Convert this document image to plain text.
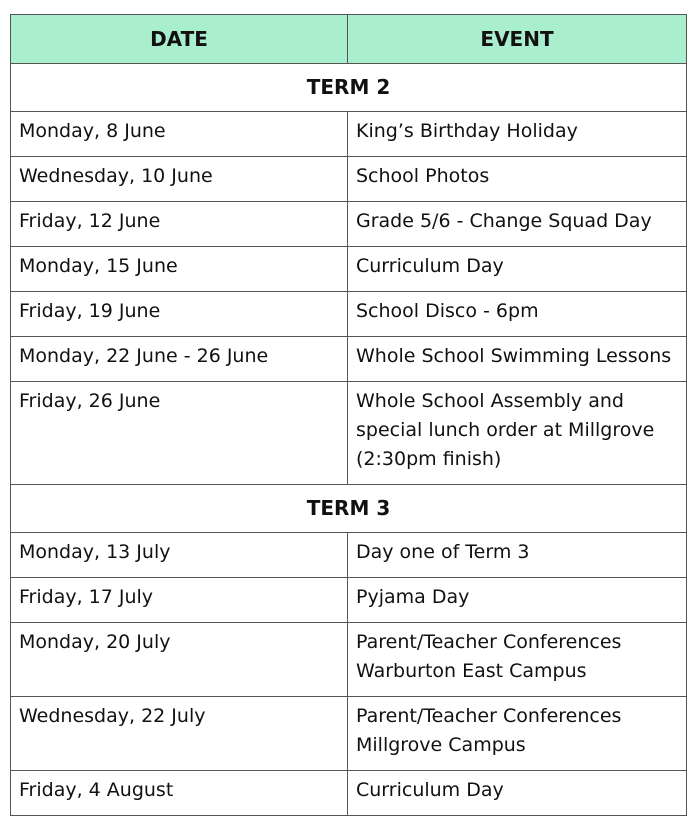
DATE	EVENT
TERM 2	
Monday, 8 June	King’s Birthday Holiday

Wednesday, 10 June	School Photos

Friday, 12 June	Grade 5/6 - Change Squad Day

Monday, 15 June	Curriculum Day

Friday, 19 June	School Disco - 6pm

Monday, 22 June - 26 June	Whole School Swimming Lessons

Friday, 26 June	Whole School Assembly and
special lunch order at Millgrove
(2:30pm finish)

TERM 3	
Monday, 13 July	Day one of Term 3

Friday, 17 July	Pyjama Day

Monday, 20 July	Parent/Teacher Conferences
Warburton East Campus

Wednesday, 22 July	Parent/Teacher Conferences
Millgrove Campus

Friday, 4 August	Curriculum Day
